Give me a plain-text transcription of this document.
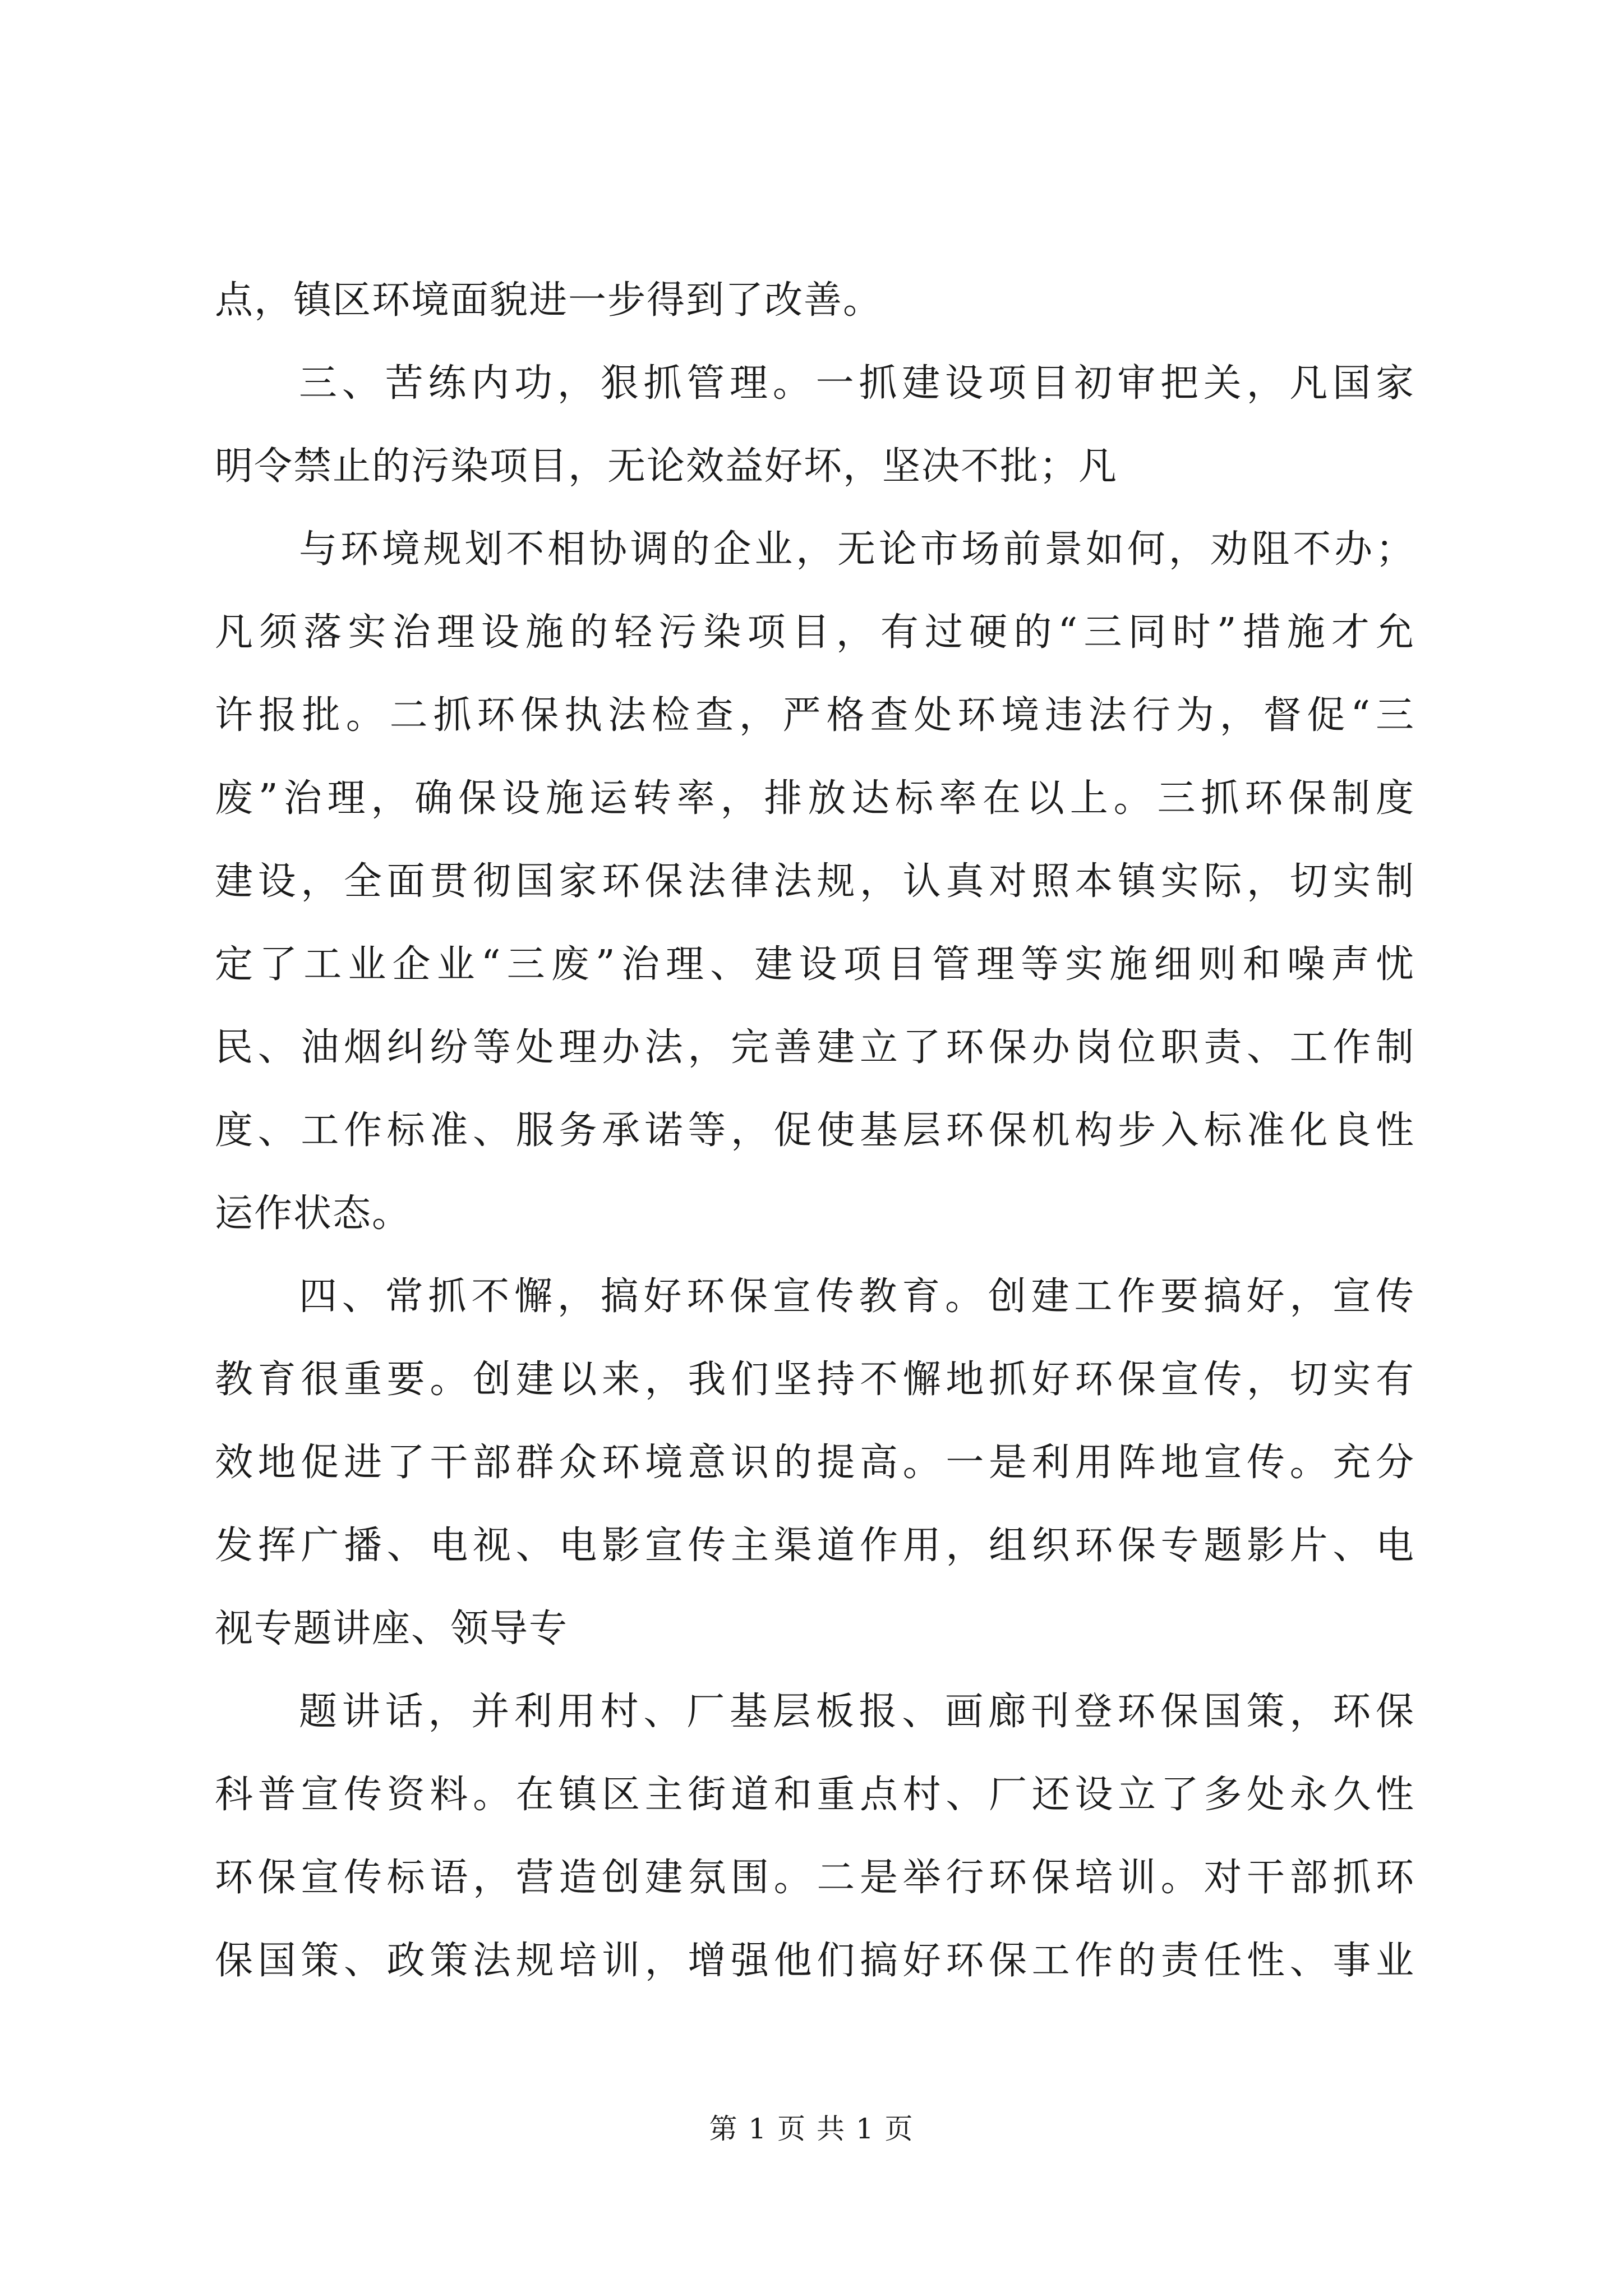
点，镇区环境面貌进一步得到了改善。
三、苦练内功，狠抓管理。一抓建设项目初审把关，凡国家
明令禁止的污染项目，无论效益好坏，坚决不批；凡
与环境规划不相协调的企业，无论市场前景如何，劝阻不办；
凡须落实治理设施的轻污染项目，有过硬的“三同时”措施才允
许报批。二抓环保执法检查，严格查处环境违法行为，督促“三
废”治理，确保设施运转率，排放达标率在以上。三抓环保制度
建设，全面贯彻国家环保法律法规，认真对照本镇实际，切实制
定了工业企业“三废”治理、建设项目管理等实施细则和噪声忧
民、油烟纠纷等处理办法，完善建立了环保办岗位职责、工作制
度、工作标准、服务承诺等，促使基层环保机构步入标准化良性
运作状态。
四、常抓不懈，搞好环保宣传教育。创建工作要搞好，宣传
教育很重要。创建以来，我们坚持不懈地抓好环保宣传，切实有
效地促进了干部群众环境意识的提高。一是利用阵地宣传。充分
发挥广播、电视、电影宣传主渠道作用，组织环保专题影片、电
视专题讲座、领导专
题讲话，并利用村、厂基层板报、画廊刊登环保国策，环保
科普宣传资料。在镇区主街道和重点村、厂还设立了多处永久性
环保宣传标语，营造创建氛围。二是举行环保培训。对干部抓环
保国策、政策法规培训，增强他们搞好环保工作的责任性、事业
第 1 页 共 1 页
